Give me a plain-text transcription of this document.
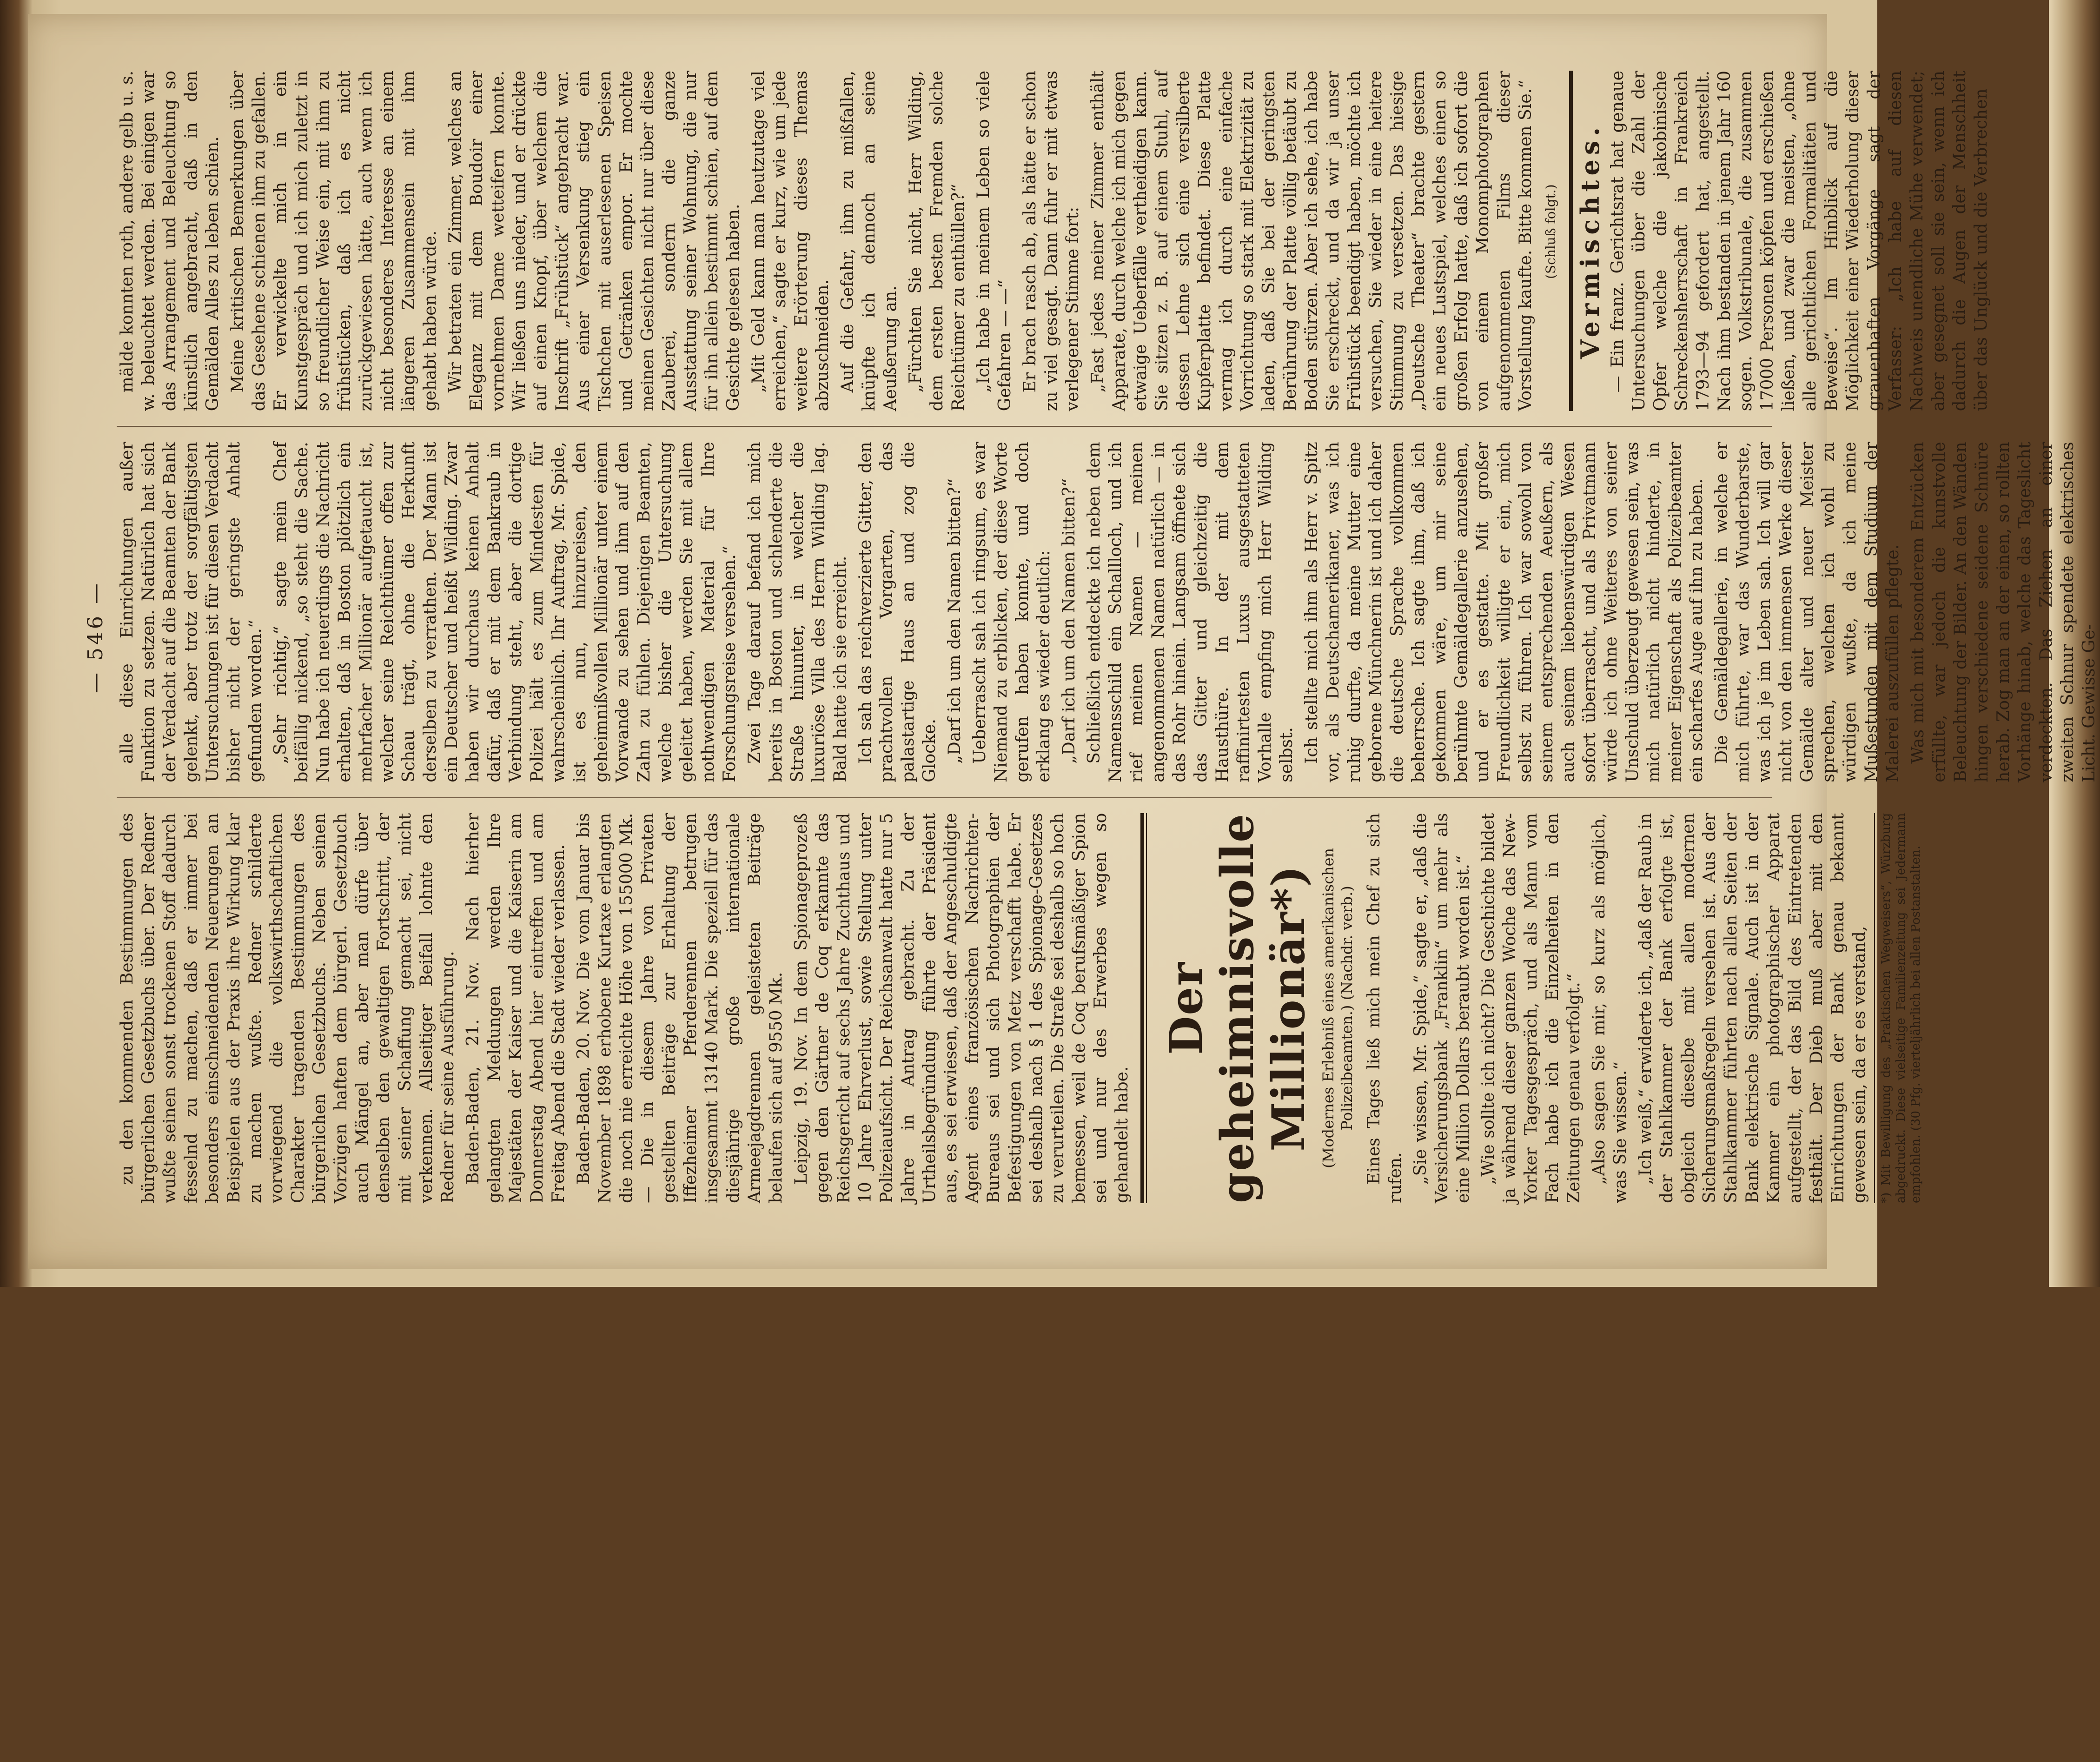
— 546 —

zu den kommenden Bestimmungen des bürgerlichen Gesetzbuchs über. Der Redner wußte seinen sonst trockenen Stoff dadurch fesselnd zu machen, daß er immer bei besonders einschneidenden Neuerungen an Beispielen aus der Praxis ihre Wirkung klar zu machen wußte. Redner schilderte vorwiegend die volkswirthschaftlichen Charakter tragenden Bestimmungen des bürgerlichen Gesetzbuchs. Neben seinen Vorzügen haften dem bürgerl. Gesetzbuch auch Mängel an, aber man dürfe über denselben den gewaltigen Fortschritt, der mit seiner Schaffung gemacht sei, nicht verkennen. Allseitiger Beifall lohnte den Redner für seine Ausführung. Baden-Baden, 21. Nov. Nach hierher gelangten Meldungen werden Ihre Majestäten der Kaiser und die Kaiserin am Donnerstag Abend hier eintreffen und am Freitag Abend die Stadt wieder verlassen. Baden-Baden, 20. Nov. Die vom Januar bis November 1898 erhobene Kurtaxe erlangten die noch nie erreichte Höhe von 155000 Mk. — Die in diesem Jahre von Privaten gestellten Beiträge zur Erhaltung der Iffezheimer Pferderennen betrugen insgesammt 13140 Mark. Die speziell für das diesjährige große internationale Armeejagdrennen geleisteten Beiträge belaufen sich auf 9550 Mk. Leipzig, 19. Nov. In dem Spionageprozeß gegen den Gärtner de Coq erkannte das Reichsgericht auf sechs Jahre Zuchthaus und 10 Jahre Ehrverlust, sowie Stellung unter Polizeiaufsicht. Der Reichsanwalt hatte nur 5 Jahre in Antrag gebracht. Zu der Urtheilsbegründung führte der Präsident aus, es sei erwiesen, daß der Angeschuldigte Agent eines französischen Nachrichten-Bureaus sei und sich Photographien der Befestigungen von Metz verschafft habe. Er sei deshalb nach § 1 des Spionage-Gesetzes zu verurteilen. Die Strafe sei deshalb so hoch bemessen, weil de Coq berufsmäßiger Spion sei und nur des Erwerbes wegen so gehandelt habe.

Der geheimnisvolle Millionär*) (Modernes Erlebniß eines amerikanischen Polizeibeamten.) (Nachdr. verb.) Eines Tages ließ mich mein Chef zu sich rufen. „Sie wissen, Mr. Spide,“ sagte er, „daß die Versicherungsbank „Franklin“ um mehr als eine Million Dollars beraubt worden ist.“ „Wie sollte ich nicht? Die Geschichte bildet ja während dieser ganzen Woche das New-Yorker Tagesgespräch, und als Mann vom Fach habe ich die Einzelheiten in den Zeitungen genau verfolgt.“ „Also sagen Sie mir, so kurz als möglich, was Sie wissen.“ „Ich weiß,“ erwiderte ich, „daß der Raub in der Stahlkammer der Bank erfolgte ist, obgleich dieselbe mit allen modernen Sicherungsmaßregeln versehen ist. Aus der Stahlkammer führten nach allen Seiten der Bank elektrische Signale. Auch ist in der Kammer ein photographischer Apparat aufgestellt, der das Bild des Eintretenden festhält. Der Dieb muß aber mit den Einrichtungen der Bank genau bekannt gewesen sein, da er es verstand, *) Mit Bewilligung des „Praktischen Wegweisers“, Würzburg abgedruckt. Diese vielseitige Familienzeitung sei Jedermann empfohlen. (30 Pfg. vierteljährlich bei allen Postanstalten.

alle diese Einrichtungen außer Funktion zu setzen. Natürlich hat sich der Verdacht auf die Beamten der Bank gelenkt, aber trotz der sorgfältigsten Untersuchungen ist für diesen Verdacht bisher nicht der geringste Anhalt gefunden worden.“ „Sehr richtig,“ sagte mein Chef beifällig nickend, „so steht die Sache. Nun habe ich neuerdings die Nachricht erhalten, daß in Boston plötzlich ein mehrfacher Millionär aufgetaucht ist, welcher seine Reichthümer offen zur Schau trägt, ohne die Herkunft derselben zu verrathen. Der Mann ist ein Deutscher und heißt Wilding. Zwar haben wir durchaus keinen Anhalt dafür, daß er mit dem Bankraub in Verbindung steht, aber die dortige Polizei hält es zum Mindesten für wahrscheinlich. Ihr Auftrag, Mr. Spide, ist es nun, hinzureisen, den geheimnißvollen Millionär unter einem Vorwande zu sehen und ihm auf den Zahn zu fühlen. Diejenigen Beamten, welche bisher die Untersuchung geleitet haben, werden Sie mit allem nothwendigen Material für Ihre Forschungsreise versehen.“ Zwei Tage darauf befand ich mich bereits in Boston und schlenderte die Straße hinunter, in welcher die luxuriöse Villa des Herrn Wilding lag. Bald hatte ich sie erreicht. Ich sah das reichverzierte Gitter, den prachtvollen Vorgarten, das palastartige Haus an und zog die Glocke. „Darf ich um den Namen bitten?“ Ueberrascht sah ich ringsum, es war Niemand zu erblicken, der diese Worte gerufen haben konnte, und doch erklang es wieder deutlich: „Darf ich um den Namen bitten?“ Schließlich entdeckte ich neben dem Namensschild ein Schallloch, und ich rief meinen Namen — meinen angenommenen Namen natürlich — in das Rohr hinein. Langsam öffnete sich das Gitter und gleichzeitig die Hausthüre. In der mit dem raffinirtesten Luxus ausgestatteten Vorhalle empfing mich Herr Wilding selbst. Ich stellte mich ihm als Herr v. Spitz vor, als Deutschamerikaner, was ich ruhig durfte, da meine Mutter eine geborene Münchnerin ist und ich daher die deutsche Sprache vollkommen beherrsche. Ich sagte ihm, daß ich gekommen wäre, um mir seine berühmte Gemäldegallerie anzusehen, und er es gestatte. Mit großer Freundlichkeit willigte er ein, mich selbst zu führen. Ich war sowohl von seinem entsprechenden Aeußern, als auch seinem liebenswürdigen Wesen sofort überrascht, und als Privatmann würde ich ohne Weiteres von seiner Unschuld überzeugt gewesen sein, was mich natürlich nicht hinderte, in meiner Eigenschaft als Polizeibeamter ein scharfes Auge auf ihn zu haben. Die Gemäldegallerie, in welche er mich führte, war das Wunderbarste, was ich je im Leben sah. Ich will gar nicht von den immensen Werke dieser Gemälde alter und neuer Meister sprechen, welchen ich wohl zu würdigen wußte, da ich meine Mußestunden mit dem Studium der Malerei auszufüllen pflegte. Was mich mit besonderem Entzücken erfüllte, war jedoch die kunstvolle Beleuchtung der Bilder. An den Wänden hingen verschiedene seidene Schnüre herab. Zog man an der einen, so rollten Vorhänge hinab, welche das Tageslicht verdeckten. Das Ziehen an einer zweiten Schnur spendete elektrisches Licht. Gewisse Ge-

mälde konnten roth, andere gelb u. s. w. beleuchtet werden. Bei einigen war das Arrangement und Beleuchtung so künstlich angebracht, daß in den Gemälden Alles zu leben schien. Meine kritischen Bemerkungen über das Gesehene schienen ihm zu gefallen. Er verwickelte mich in ein Kunstgespräch und ich mich zuletzt in so freundlicher Weise ein, mit ihm zu frühstücken, daß ich es nicht zurückgewiesen hätte, auch wenn ich nicht besonderes Interesse an einem längeren Zusammensein mit ihm gehabt haben würde. Wir betraten ein Zimmer, welches an Eleganz mit dem Boudoir einer vornehmen Dame wetteifern konnte. Wir ließen uns nieder, und er drückte auf einen Knopf, über welchem die Inschrift „Frühstück“ angebracht war. Aus einer Versenkung stieg ein Tischchen mit auserlesenen Speisen und Getränken empor. Er mochte meinen Gesichten nicht nur über diese Zauberei, sondern die ganze Ausstattung seiner Wohnung, die nur für ihn allein bestimmt schien, auf dem Gesichte gelesen haben. „Mit Geld kann man heutzutage viel erreichen,“ sagte er kurz, wie um jede weitere Erörterung dieses Themas abzuschneiden. Auf die Gefahr, ihm zu mißfallen, knüpfte ich dennoch an seine Aeußerung an. „Fürchten Sie nicht, Herr Wilding, dem ersten besten Fremden solche Reichtümer zu enthüllen?“ „Ich habe in meinem Leben so viele Gefahren — —“ Er brach rasch ab, als hätte er schon zu viel gesagt. Dann fuhr er mit etwas verlegener Stimme fort: „Fast jedes meiner Zimmer enthält Apparate, durch welche ich mich gegen etwaige Ueberfälle vertheidigen kann. Sie sitzen z. B. auf einem Stuhl, auf dessen Lehne sich eine versilberte Kupferplatte befindet. Diese Platte vermag ich durch eine einfache Vorrichtung so stark mit Elektrizität zu laden, daß Sie bei der geringsten Berührung der Platte völlig betäubt zu Boden stürzen. Aber ich sehe, ich habe Sie erschreckt, und da wir ja unser Frühstück beendigt haben, möchte ich versuchen, Sie wieder in eine heitere Stimmung zu versetzen. Das hiesige „Deutsche Theater“ brachte gestern ein neues Lustspiel, welches einen so großen Erfolg hatte, daß ich sofort die von einem Monomphotographen aufgenommenen Films dieser Vorstellung kaufte. Bitte kommen Sie.“ (Schluß folgt.) Vermischtes. — Ein franz. Gerichtsrat hat genaue Untersuchungen über die Zahl der Opfer welche die jakobinische Schreckensherrschaft in Frankreich 1793—94 gefordert hat, angestellt. Nach ihm bestanden in jenem Jahr 160 sogen. Volkstribunale, die zusammen 17000 Personen köpfen und erschießen ließen, und zwar die meisten, „ohne alle gerichtlichen Formalitäten und Beweise“. Im Hinblick auf die Möglichkeit einer Wiederholung dieser grauenhaften Vorgänge sagt der Verfasser: „Ich habe auf diesen Nachweis unendliche Mühe verwendet; aber gesegnet soll sie sein, wenn ich dadurch die Augen der Menschheit über das Unglück und die Verbrechen
